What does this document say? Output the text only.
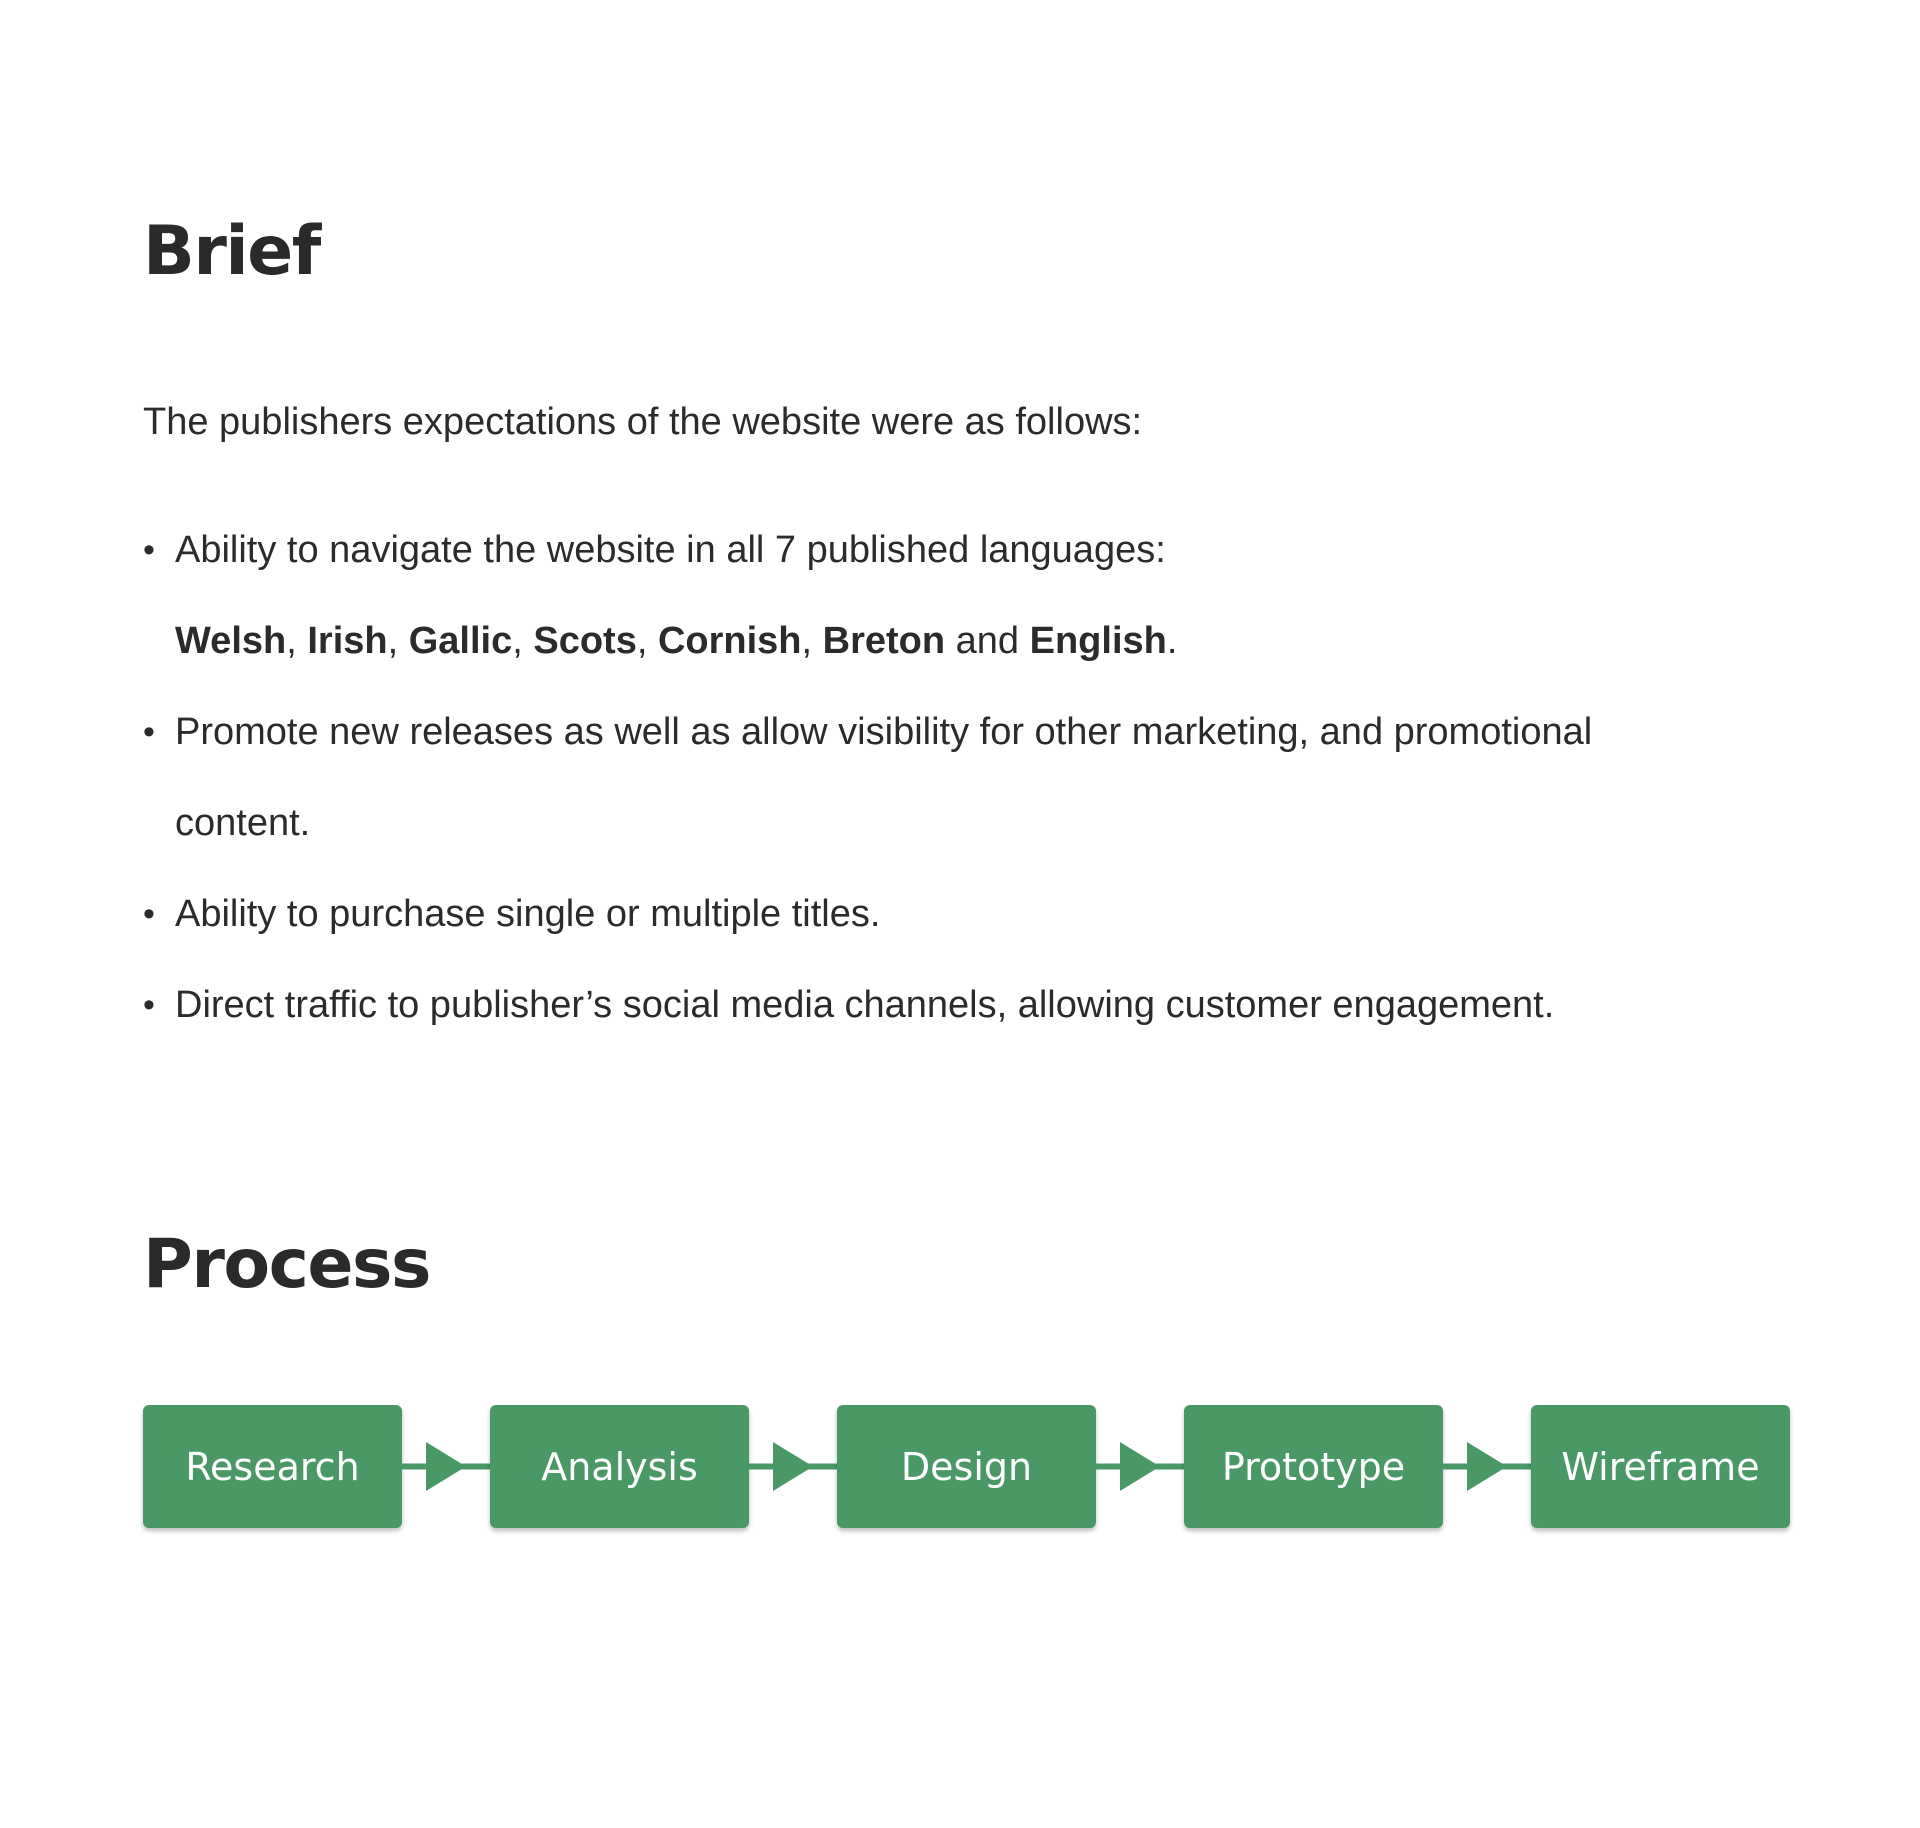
Brief

The publishers expectations of the website were as follows:

• Ability to navigate the website in all 7 published languages:
Welsh, Irish, Gallic, Scots, Cornish, Breton and English.
• Promote new releases as well as allow visibility for other marketing, and promotional
content.
• Ability to purchase single or multiple titles.
• Direct traffic to publisher’s social media channels, allowing customer engagement.
Process
Research	Analysis	Design	Prototype	Wireframe
